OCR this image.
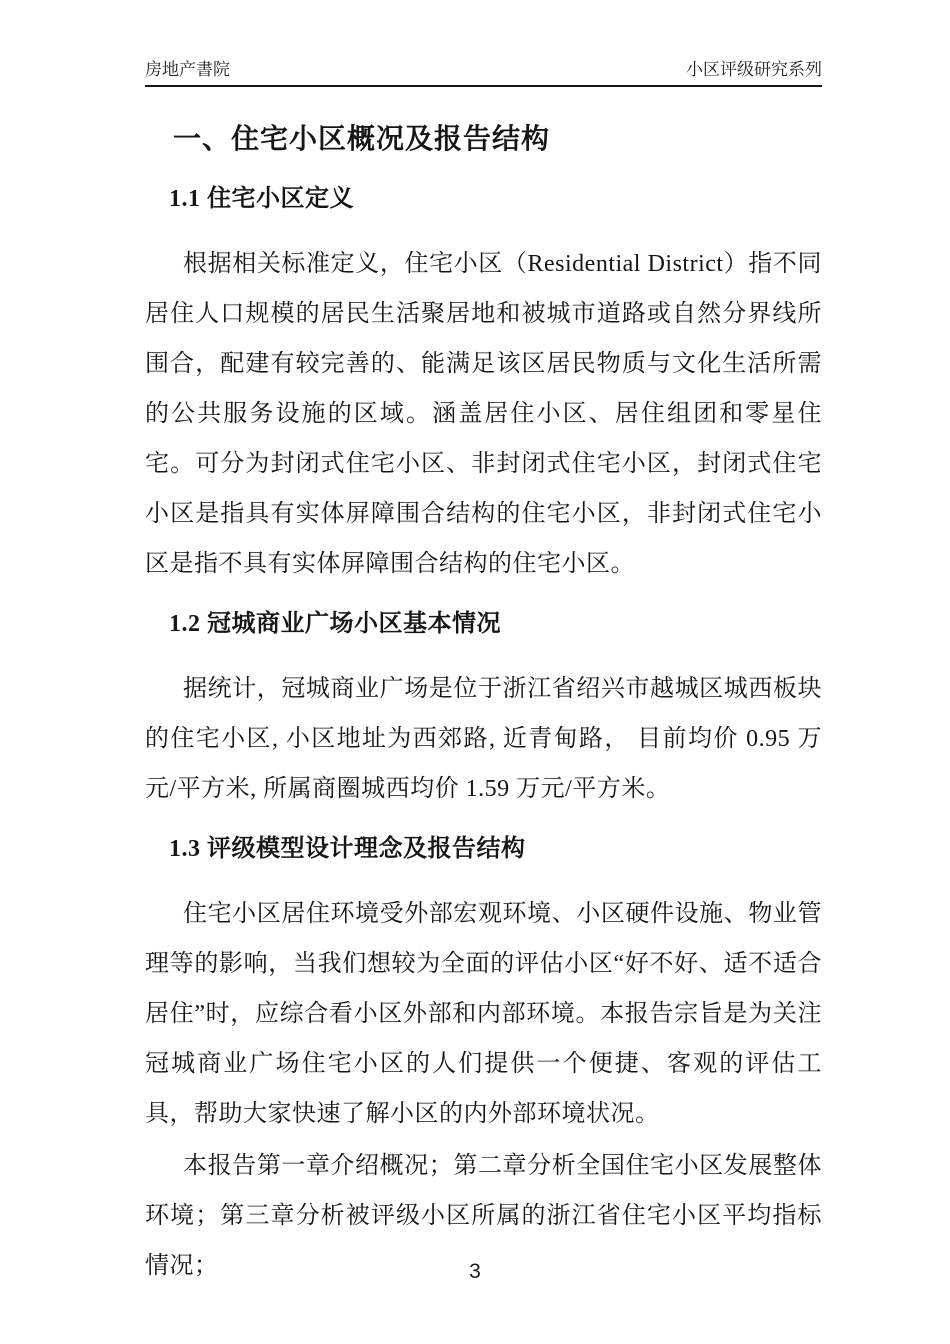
房地产書院	小区评级研究系列
一、住宅小区概况及报告结构
1.1 住宅小区定义

根据相关标准定义，住宅小区（Residential District）指不同居住人口规模的居民生活聚居地和被城市道路或自然分界线所围合，配建有较完善的、能满足该区居民物质与文化生活所需的公共服务设施的区域。涵盖居住小区、居住组团和零星住宅。可分为封闭式住宅小区、非封闭式住宅小区，封闭式住宅小区是指具有实体屏障围合结构的住宅小区，非封闭式住宅小区是指不具有实体屏障围合结构的住宅小区。

1.2 冠城商业广场小区基本情况

据统计，冠城商业广场是位于浙江省绍兴市越城区城西板块的住宅小区, 小区地址为西郊路, 近青甸路， 目前均价 0.95 万元/平方米, 所属商圈城西均价 1.59 万元/平方米。

1.3 评级模型设计理念及报告结构

住宅小区居住环境受外部宏观环境、小区硬件设施、物业管理等的影响，当我们想较为全面的评估小区“好不好、适不适合居住”时，应综合看小区外部和内部环境。本报告宗旨是为关注冠城商业广场住宅小区的人们提供一个便捷、客观的评估工具，帮助大家快速了解小区的内外部环境状况。

本报告第一章介绍概况；第二章分析全国住宅小区发展整体环境；第三章分析被评级小区所属的浙江省住宅小区平均指标情况；	3
